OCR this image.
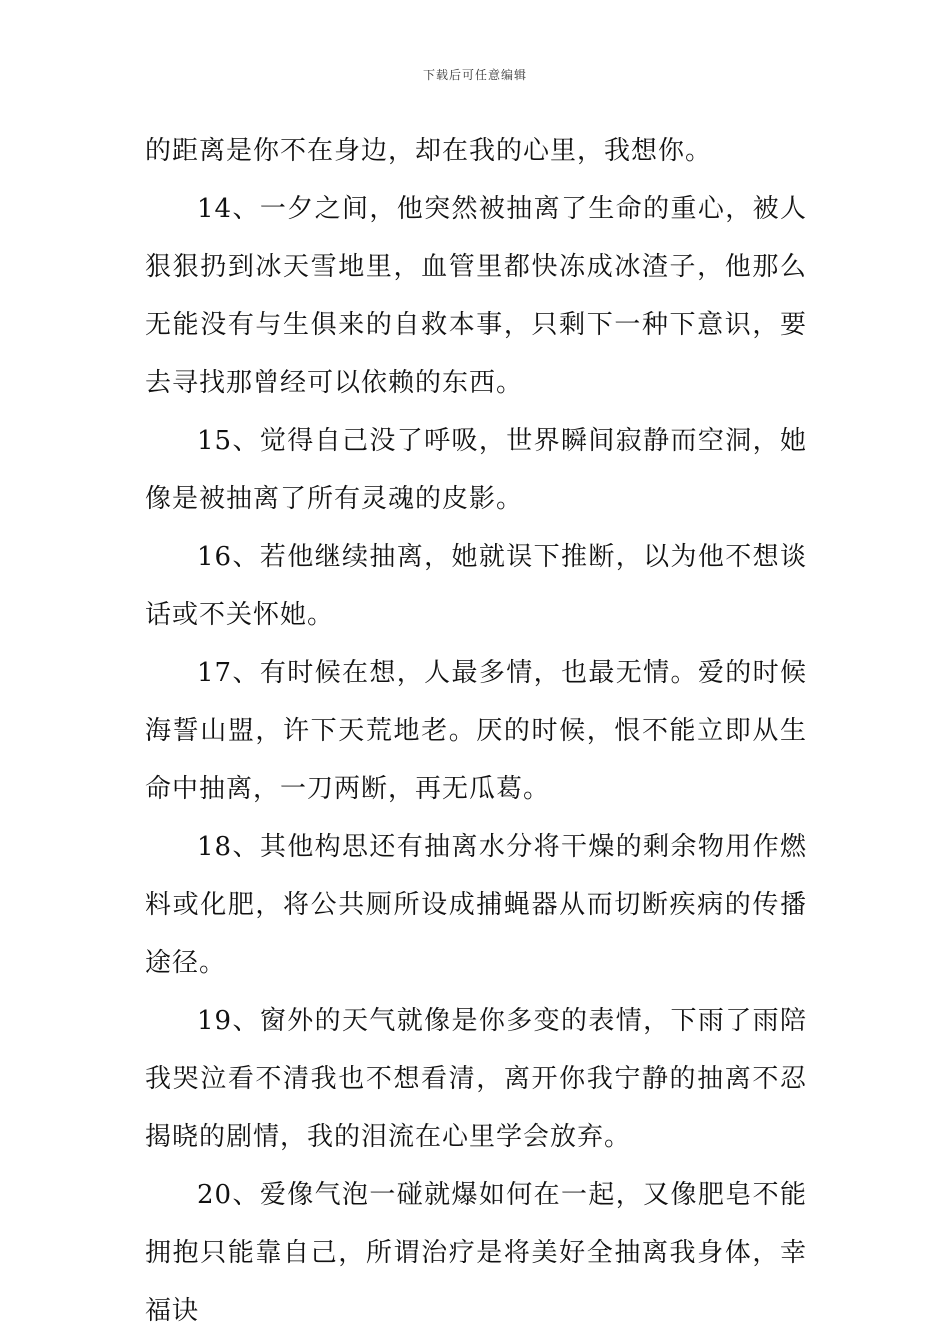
下载后可任意编辑

的距离是你不在身边，却在我的心里，我想你。

14、一夕之间，他突然被抽离了生命的重心，被人狠狠扔到冰天雪地里，血管里都快冻成冰渣子，他那么无能没有与生俱来的自救本事，只剩下一种下意识，要去寻找那曾经可以依赖的东西。

15、觉得自己没了呼吸，世界瞬间寂静而空洞，她像是被抽离了所有灵魂的皮影。

16、若他继续抽离，她就误下推断，以为他不想谈话或不关怀她。

17、有时候在想，人最多情，也最无情。爱的时候海誓山盟，许下天荒地老。厌的时候，恨不能立即从生命中抽离，一刀两断，再无瓜葛。

18、其他构思还有抽离水分将干燥的剩余物用作燃料或化肥，将公共厕所设成捕蝇器从而切断疾病的传播途径。

19、窗外的天气就像是你多变的表情，下雨了雨陪我哭泣看不清我也不想看清，离开你我宁静的抽离不忍揭晓的剧情，我的泪流在心里学会放弃。

20、爱像气泡一碰就爆如何在一起，又像肥皂不能拥抱只能靠自己，所谓治疗是将美好全抽离我身体，幸福诀
